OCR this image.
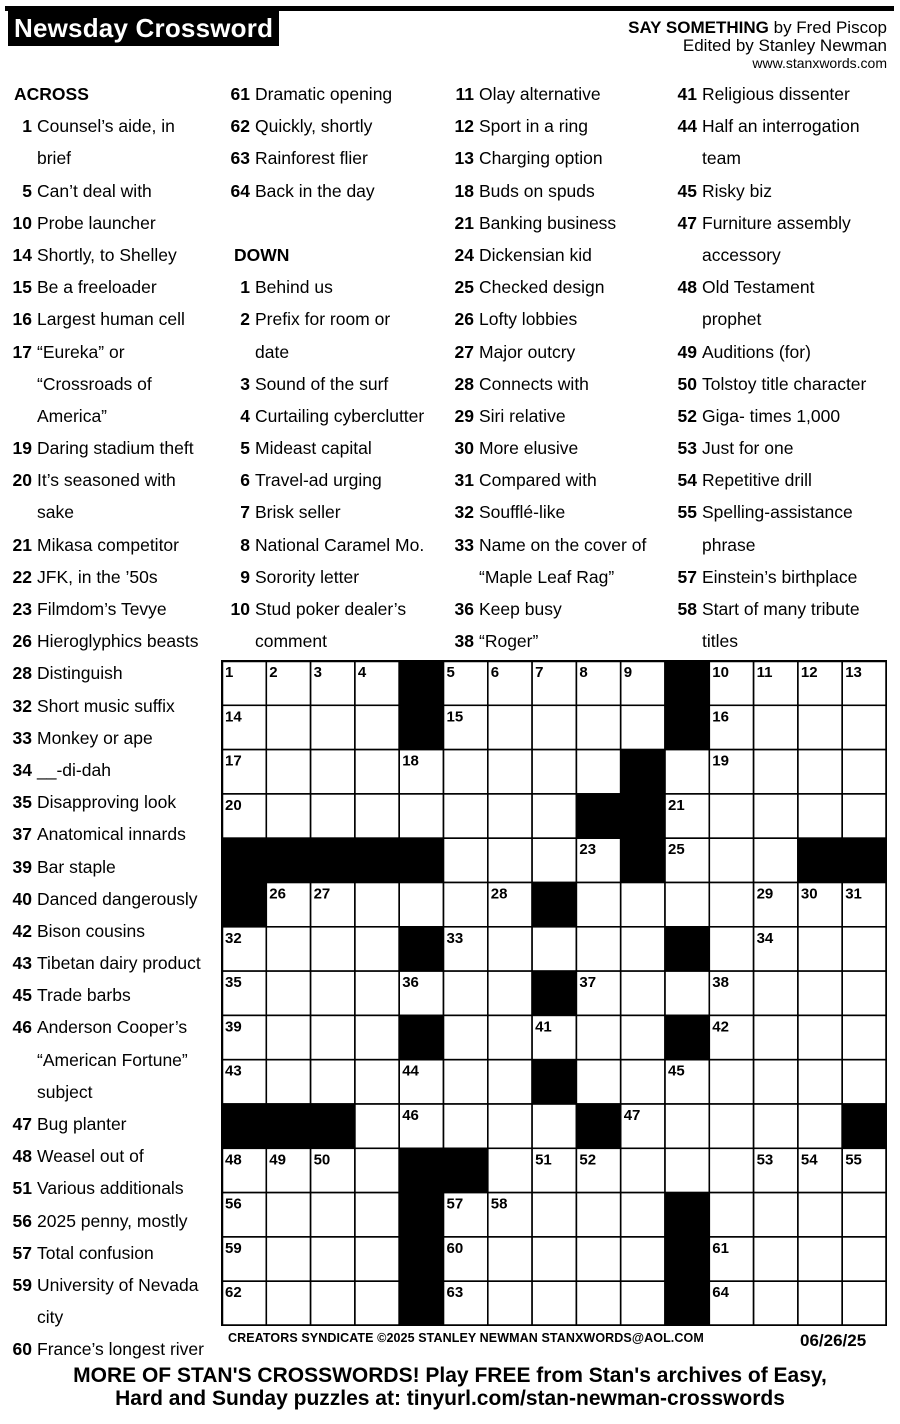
Newsday Crossword	SAY SOMETHING by Fred Piscop
Edited by Stanley Newman
www.stanxwords.com
ACROSS
1 Counsel’s aide, in
brief
5 Can’t deal with
10 Probe launcher
14 Shortly, to Shelley
15 Be a freeloader
16 Largest human cell
17 “Eureka” or
“Crossroads of
America”
19 Daring stadium theft
20 It’s seasoned with
sake
21 Mikasa competitor
22 JFK, in the ’50s
23 Filmdom’s Tevye
26 Hieroglyphics beasts
28 Distinguish
32 Short music suffix
33 Monkey or ape
34 __-di-dah
35 Disapproving look
37 Anatomical innards
39 Bar staple
40 Danced dangerously
42 Bison cousins
43 Tibetan dairy product
45 Trade barbs
46 Anderson Cooper’s
“American Fortune”
subject
47 Bug planter
48 Weasel out of
51 Various additionals
56 2025 penny, mostly
57 Total confusion
59 University of Nevada
city
60 France’s longest river
61 Dramatic opening
62 Quickly, shortly
63 Rainforest flier
64 Back in the day
DOWN
1 Behind us
2 Prefix for room or
date
3 Sound of the surf
4 Curtailing cyberclutter
5 Mideast capital
6 Travel-ad urging
7 Brisk seller
8 National Caramel Mo.
9 Sorority letter
10 Stud poker dealer’s
comment
11 Olay alternative
12 Sport in a ring
13 Charging option
18 Buds on spuds
21 Banking business
24 Dickensian kid
25 Checked design
26 Lofty lobbies
27 Major outcry
28 Connects with
29 Siri relative
30 More elusive
31 Compared with
32 Soufflé-like
33 Name on the cover of
“Maple Leaf Rag”
36 Keep busy
38 “Roger”
41 Religious dissenter
44 Half an interrogation
team
45 Risky biz
47 Furniture assembly
accessory
48 Old Testament
prophet
49 Auditions (for)
50 Tolstoy title character
52 Giga- times 1,000
53 Just for one
54 Repetitive drill
55 Spelling-assistance
phrase
57 Einstein’s birthplace
58 Start of many tribute
titles
1 2 3 4	5 6 7 8 9	10 11 12 13
14	15	16
17	18	19
20	21
22	23 24 25
26 27	28	29 30 31
32	33	34
35	36	37	38
39	40	41	42
43	44	45
46	47
48 49 50	51 52	53 54 55
56	57 58
59	60	61
62	63	64
CREATORS SYNDICATE ©2025 STANLEY NEWMAN STANXWORDS@AOL.COM	06/26/25
MORE OF STAN'S CROSSWORDS! Play FREE from Stan's archives of Easy,
Hard and Sunday puzzles at: tinyurl.com/stan-newman-crosswords
